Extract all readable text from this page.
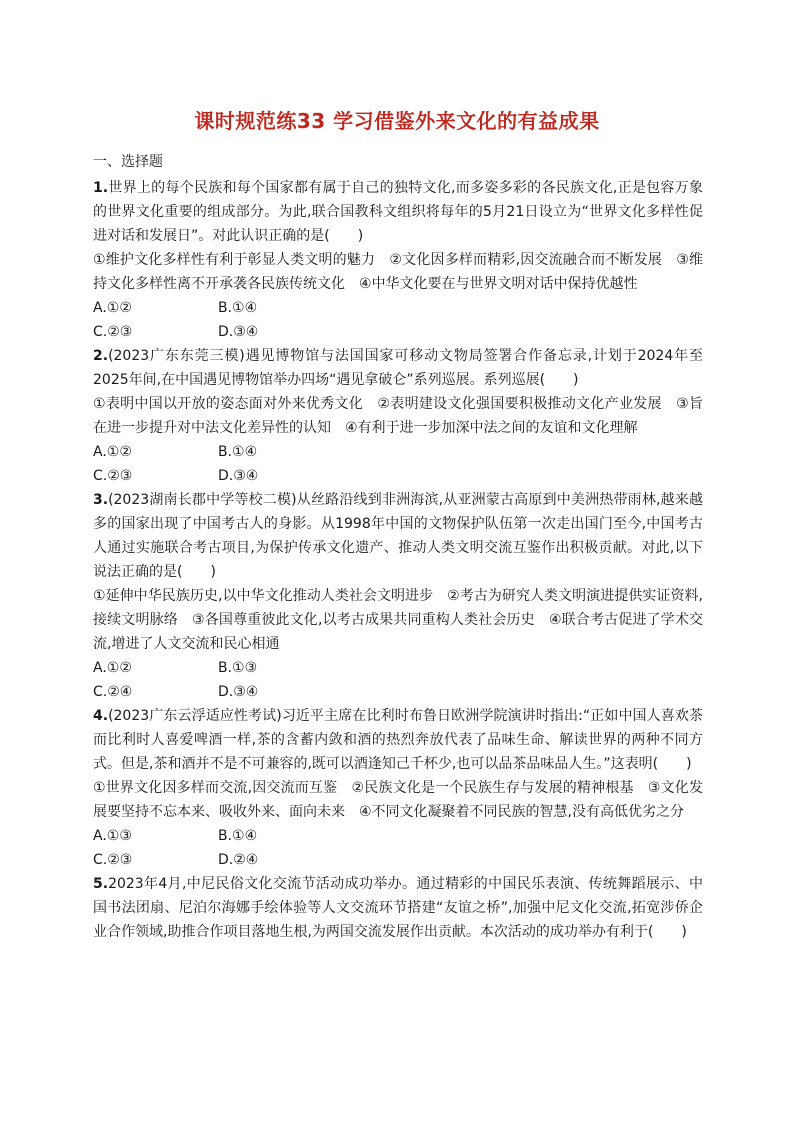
课时规范练33 学习借鉴外来文化的有益成果

一、选择题

1.世界上的每个民族和每个国家都有属于自己的独特文化,而多姿多彩的各民族文化,正是包容万象的世界文化重要的组成部分。为此,联合国教科文组织将每年的5月21日设立为“世界文化多样性促进对话和发展日”。对此认识正确的是(　　)

①维护文化多样性有利于彰显人类文明的魅力　②文化因多样而精彩,因交流融合而不断发展　③维持文化多样性离不开承袭各民族传统文化　④中华文化要在与世界文明对话中保持优越性

A.①②	B.①④
C.②③	D.③④

2.(2023广东东莞三模)遇见博物馆与法国国家可移动文物局签署合作备忘录,计划于2024年至2025年间,在中国遇见博物馆举办四场“遇见拿破仑”系列巡展。系列巡展(　　)

①表明中国以开放的姿态面对外来优秀文化　②表明建设文化强国要积极推动文化产业发展　③旨在进一步提升对中法文化差异性的认知　④有利于进一步加深中法之间的友谊和文化理解

A.①②	B.①④
C.②③	D.③④

3.(2023湖南长郡中学等校二模)从丝路沿线到非洲海滨,从亚洲蒙古高原到中美洲热带雨林,越来越多的国家出现了中国考古人的身影。从1998年中国的文物保护队伍第一次走出国门至今,中国考古人通过实施联合考古项目,为保护传承文化遗产、推动人类文明交流互鉴作出积极贡献。对此,以下说法正确的是(　　)

①延伸中华民族历史,以中华文化推动人类社会文明进步　②考古为研究人类文明演进提供实证资料,接续文明脉络　③各国尊重彼此文化,以考古成果共同重构人类社会历史　④联合考古促进了学术交流,增进了人文交流和民心相通

A.①②	B.①③
C.②④	D.③④

4.(2023广东云浮适应性考试)习近平主席在比利时布鲁日欧洲学院演讲时指出:“正如中国人喜欢茶而比利时人喜爱啤酒一样,茶的含蓄内敛和酒的热烈奔放代表了品味生命、解读世界的两种不同方式。但是,茶和酒并不是不可兼容的,既可以酒逢知己千杯少,也可以品茶品味品人生。”这表明(　　)

①世界文化因多样而交流,因交流而互鉴　②民族文化是一个民族生存与发展的精神根基　③文化发展要坚持不忘本来、吸收外来、面向未来　④不同文化凝聚着不同民族的智慧,没有高低优劣之分

A.①③	B.①④
C.②③	D.②④

5.2023年4月,中尼民俗文化交流节活动成功举办。通过精彩的中国民乐表演、传统舞蹈展示、中国书法团扇、尼泊尔海娜手绘体验等人文交流环节搭建“友谊之桥”,加强中尼文化交流,拓宽涉侨企业合作领域,助推合作项目落地生根,为两国交流发展作出贡献。本次活动的成功举办有利于(　　)
